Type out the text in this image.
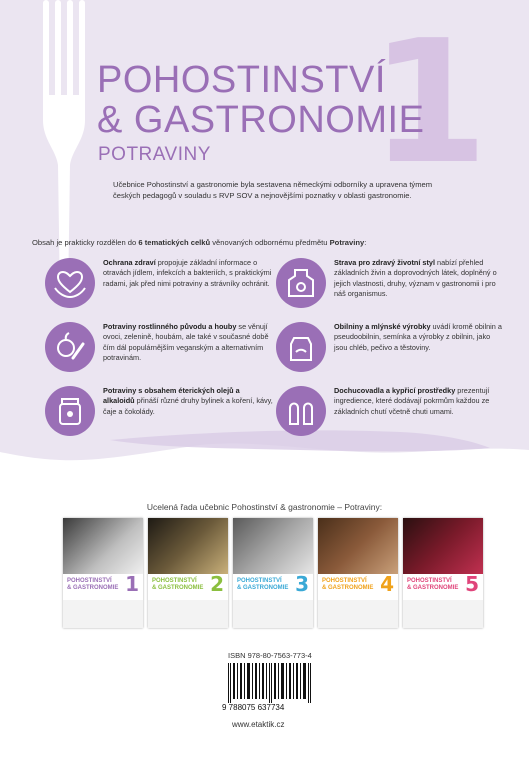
1
POHOSTINSTVÍ
& GASTRONOMIE
POTRAVINY
Učebnice Pohostinství a gastronomie byla sestavena německými odborníky a upravena týmem českých pedagogů v souladu s RVP SOV a nejnovějšími poznatky v oblasti gastronomie.
Obsah je prakticky rozdělen do 6 tematických celků věnovaných odbornému předmětu Potraviny:
Ochrana zdraví propojuje základní informace o otravách jídlem, infekcích a bakteriích, s praktickými radami, jak před nimi potraviny a strávníky ochránit.
Strava pro zdravý životní styl nabízí přehled základních živin a doprovodných látek, doplněný o jejich vlastnosti, druhy, význam v gastronomii i pro náš organismus.
Potraviny rostlinného původu a houby se věnují ovoci, zelenině, houbám, ale také v současné době čím dál populárnějším veganským a alternativním potravinám.
Obilniny a mlýnské výrobky uvádí kromě obilnin a pseudoobilnin, semínka a výrobky z obilnin, jako jsou chléb, pečivo a těstoviny.
Potraviny s obsahem éterických olejů a alkaloidů přináší různé druhy bylinek a koření, kávy, čaje a čokolády.
Dochucovadla a kypřicí prostředky prezentují ingredience, které dodávají pokrmům každou ze základních chutí včetně chuti umami.
Ucelená řada učebnic Pohostinství & gastronomie – Potraviny:
POHOSTINSTVÍ
& GASTRONOMIE 1 POHOSTINSTVÍ
& GASTRONOMIE 2 POHOSTINSTVÍ
& GASTRONOMIE 3 POHOSTINSTVÍ
& GASTRONOMIE 4 POHOSTINSTVÍ
& GASTRONOMIE 5
ISBN 978-80-7563-773-4
9 788075 637734
www.etaktik.cz
